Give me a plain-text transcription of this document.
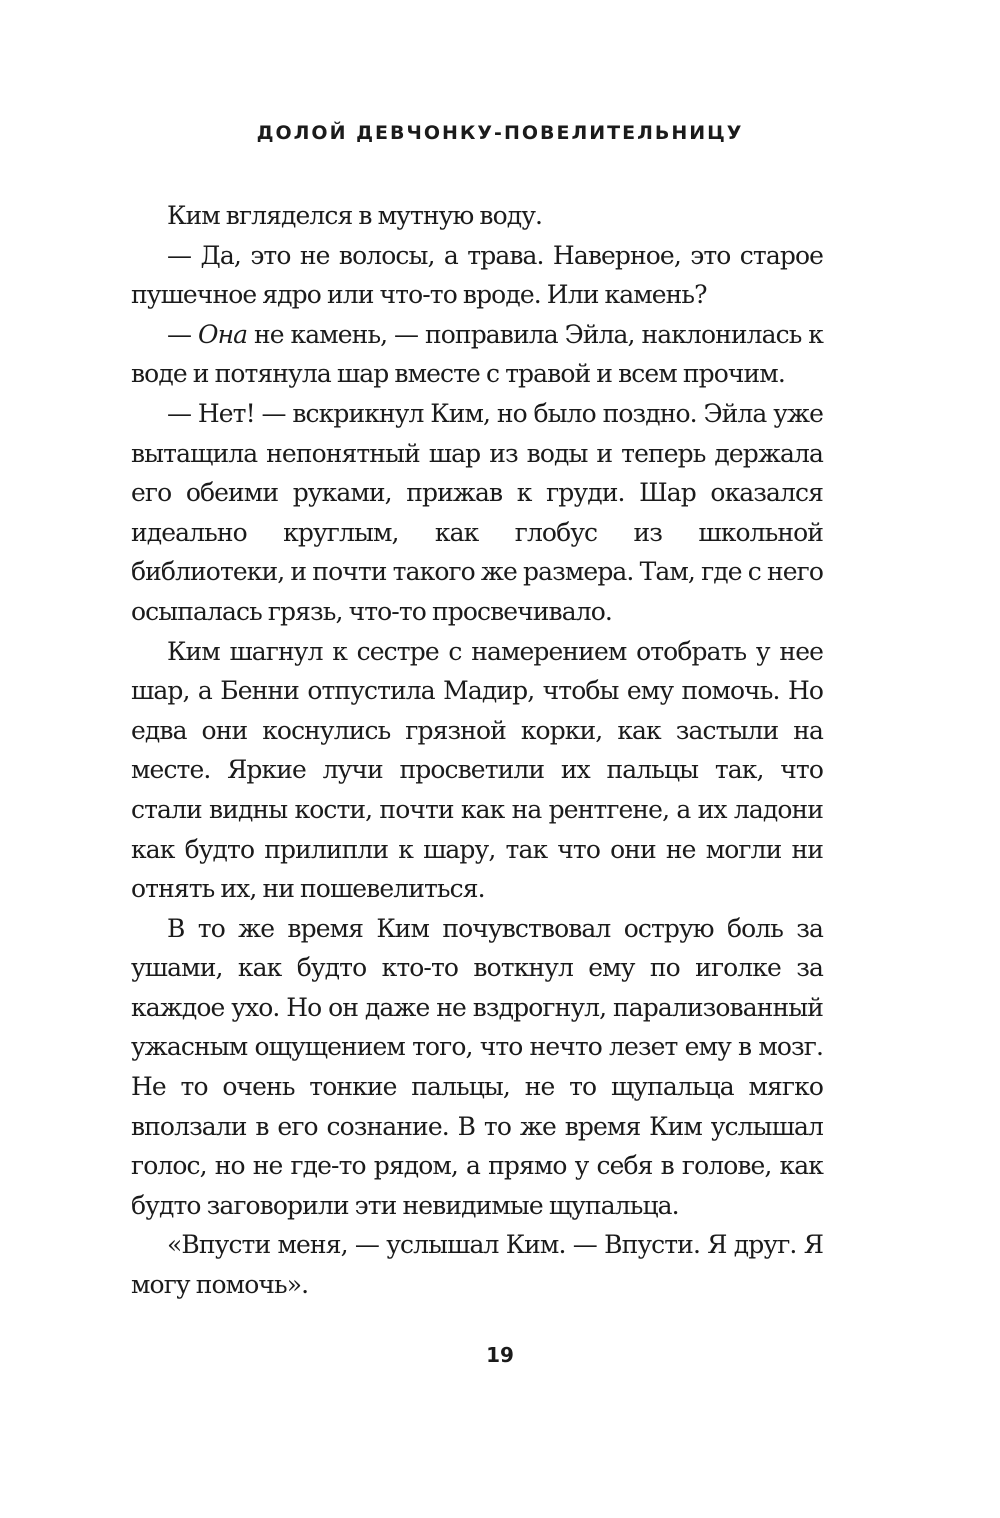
ДОЛОЙ ДЕВЧОНКУ-ПОВЕЛИТЕЛЬНИЦУ

Ким вгляделся в мутную воду.

— Да, это не волосы, а трава. Наверное, это старое пушечное ядро или что-то вроде. Или камень?

— Она не камень, — поправила Эйла, наклонилась к воде и потянула шар вместе с травой и всем прочим.

— Нет! — вскрикнул Ким, но было поздно. Эйла уже вытащила непонятный шар из воды и теперь держала его обеими руками, прижав к груди. Шар оказался идеально круглым, как глобус из школьной библиотеки, и почти такого же размера. Там, где с него осыпалась грязь, что-то просвечивало.

Ким шагнул к сестре с намерением отобрать у нее шар, а Бенни отпустила Мадир, чтобы ему помочь. Но едва они коснулись грязной корки, как застыли на месте. Яркие лучи просветили их пальцы так, что стали видны кости, почти как на рентгене, а их ладони как будто прилипли к шару, так что они не могли ни отнять их, ни пошевелиться.

В то же время Ким почувствовал острую боль за ушами, как будто кто-то воткнул ему по иголке за каждое ухо. Но он даже не вздрогнул, парализованный ужасным ощущением того, что нечто лезет ему в мозг. Не то очень тонкие пальцы, не то щупальца мягко вползали в его сознание. В то же время Ким услышал голос, но не где-то рядом, а прямо у себя в голове, как будто заговорили эти невидимые щупальца.

«Впусти меня, — услышал Ким. — Впусти. Я друг. Я могу помочь».

19
